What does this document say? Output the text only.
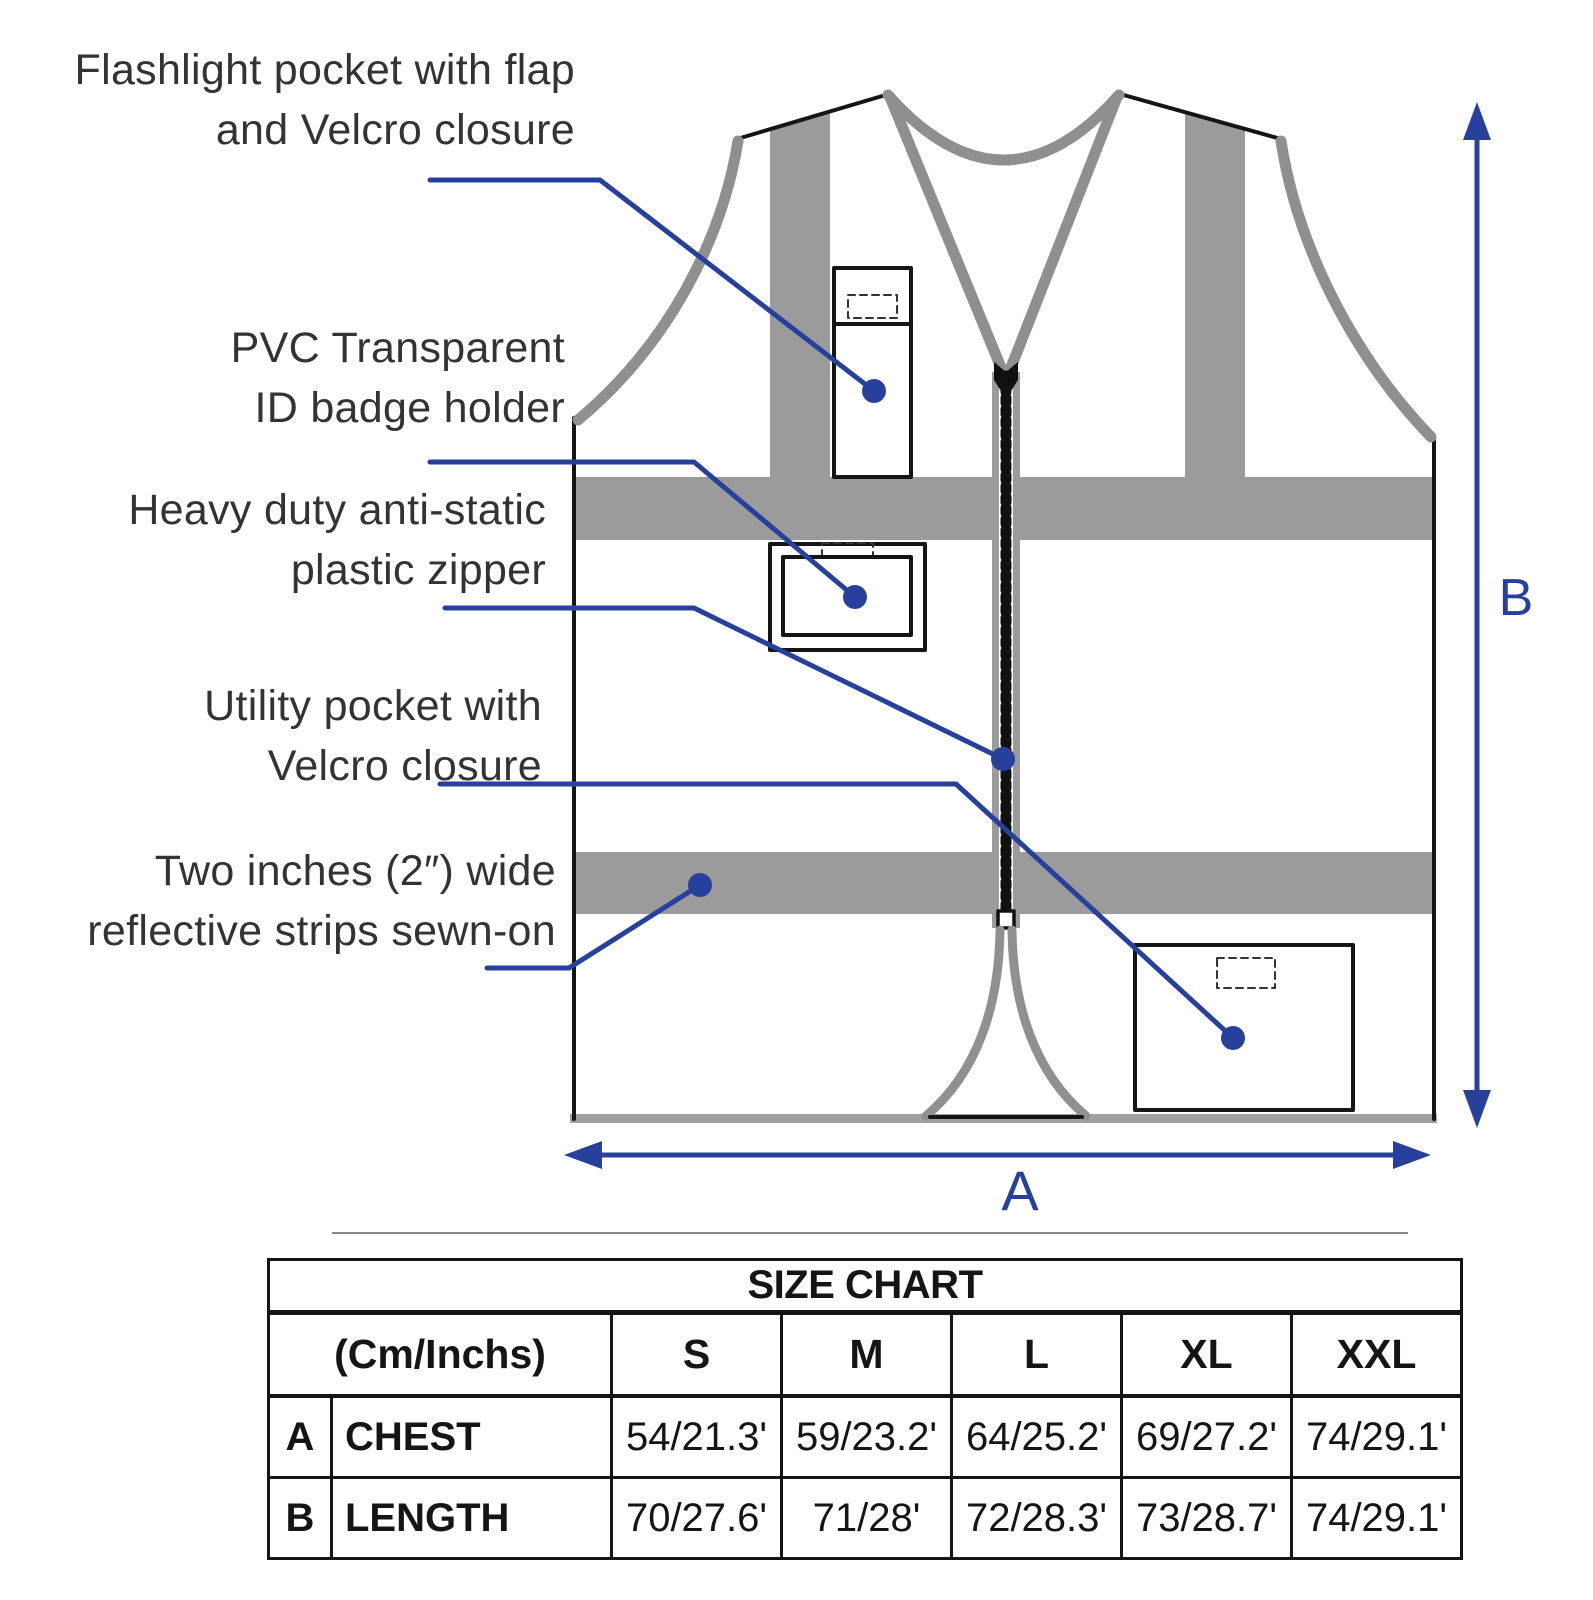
Flashlight pocket with flap
and Velcro closure
PVC Transparent
ID badge holder
Heavy duty anti-static
plastic zipper
Utility pocket with
Velcro closure
Two inches (2″) wide
reflective strips sewn-on
A
B
SIZE CHART						
(Cm/Inchs)		S	M	L	XL	XXL
A	CHEST	54/21.3'	59/23.2'	64/25.2'	69/27.2'	74/29.1'
B	LENGTH	70/27.6'	71/28'	72/28.3'	73/28.7'	74/29.1'
